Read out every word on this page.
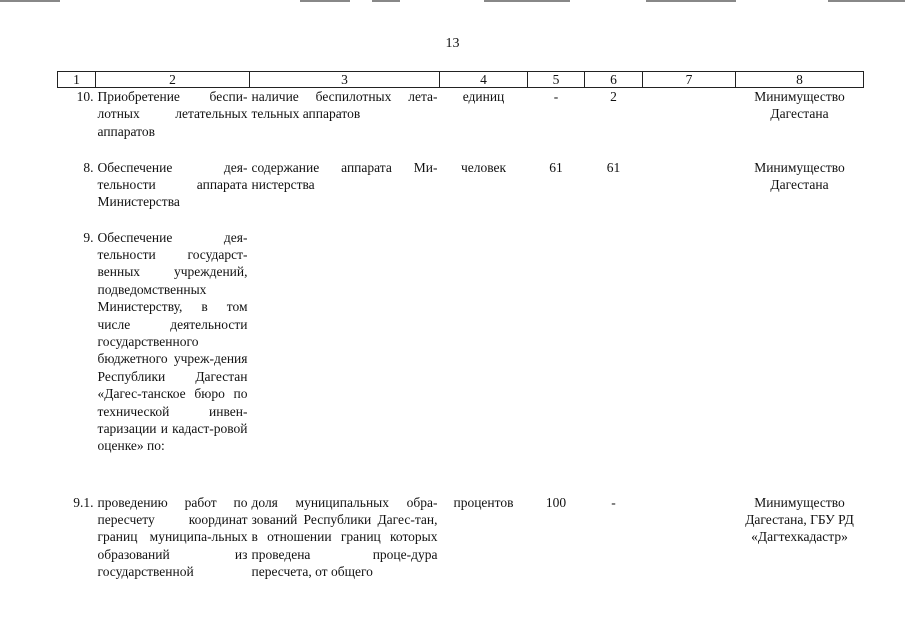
13
1	2	3	4	5	6	7	8
10.	Приобретение беспи-лотных летательных аппаратов	наличие беспилотных лета-тельных аппаратов	единиц	-	2		Минимущество Дагестана
8.	Обеспечение дея-тельности аппарата Министерства	содержание аппарата Ми-нистерства	человек	61	61		Минимущество Дагестана
9.	Обеспечение дея-тельности государст-венных учреждений, подведомственных Министерству, в том числе деятельности государственного бюджетного учреж-дения Республики Дагестан «Дагес-танское бюро по технической инвен-таризации и кадаст-ровой оценке» по:						
9.1.	проведению работ по пересчету координат границ муниципа-льных образований из государственной	доля муниципальных обра-зований Республики Дагес-тан, в отношении границ которых проведена проце-дура пересчета, от общего	процентов	100	-		Минимущество Дагестана, ГБУ РД «Дагтехкадастр»
